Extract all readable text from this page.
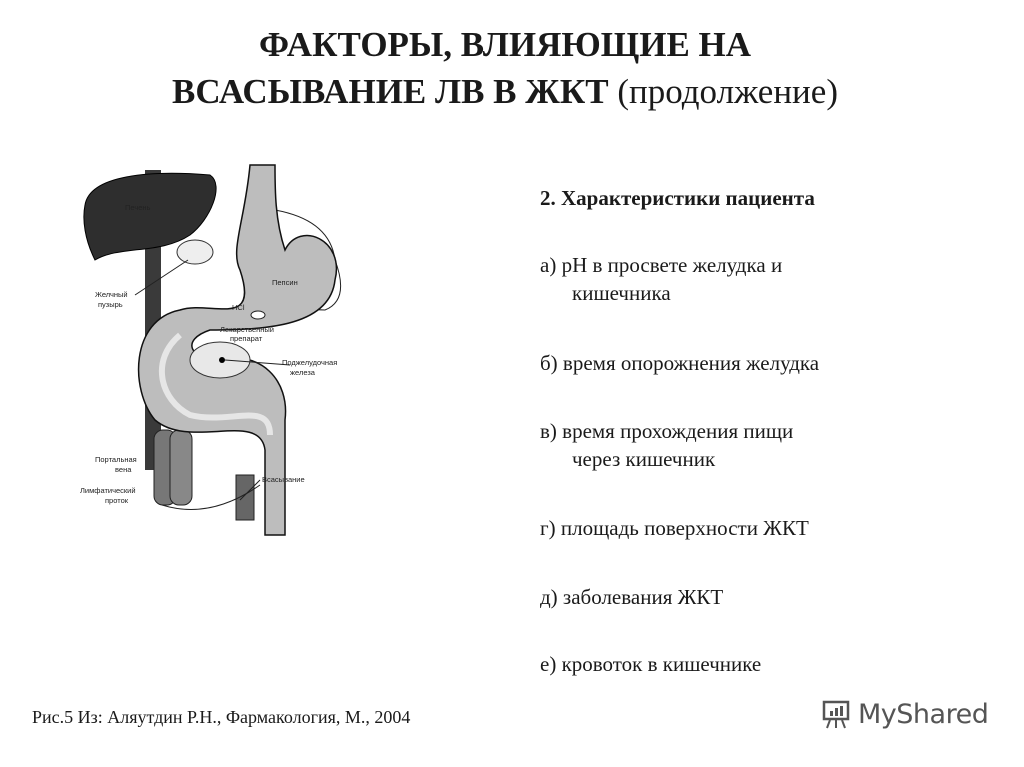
ФАКТОРЫ, ВЛИЯЮЩИЕ НА
ВСАСЫВАНИЕ ЛВ В ЖКТ (продолжение)
Печень
Желчный
пузырь
Пепсин
HCl
Лекарственный
препарат
Поджелудочная
железа
Портальная
вена
Лимфатический
проток
Всасывание
2. Характеристики пациента
а) pH в просвете желудка и
кишечника
б) время опорожнения желудка
в) время прохождения пищи
через кишечник
г) площадь поверхности ЖКТ
д) заболевания ЖКТ
е) кровоток в кишечнике
Рис.5 Из: Аляутдин Р.Н., Фармакология, М., 2004	MyShared
